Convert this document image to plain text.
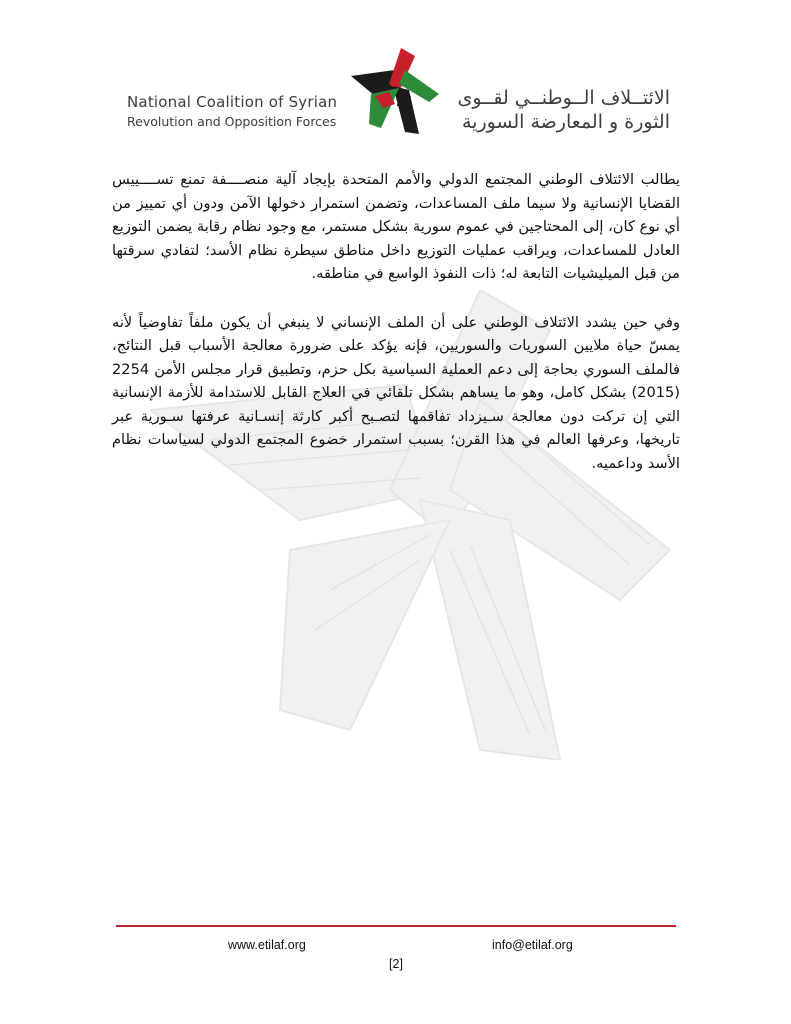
National Coalition of Syrian
Revolution and Opposition Forces
الائتــلاف الــوطنــي لقــوى
الثورة و المعارضة السورية

يطالب الائتلاف الوطني المجتمع الدولي والأمم المتحدة بإيجاد آلية منصــــفة تمنع تســــييس القضايا الإنسانية ولا سيما ملف المساعدات، وتضمن استمرار دخولها الآمن ودون أي تمييز من أي نوع كان، إلى المحتاجين في عموم سورية بشكل مستمر، مع وجود نظام رقابة يضمن التوزيع العادل للمساعدات، ويراقب عمليات التوزيع داخل مناطق سيطرة نظام الأسد؛ لتفادي سرقتها من قبل الميليشيات التابعة له؛ ذات النفوذ الواسع في مناطقه.

وفي حين يشدد الائتلاف الوطني على أن الملف الإنساني لا ينبغي أن يكون ملفاً تفاوضياً لأنه يمسّ حياة ملايين السوريات والسوريين، فإنه يؤكد على ضرورة معالجة الأسباب قبل النتائج، فالملف السوري بحاجة إلى دعم العملية السياسية بكل حزم، وتطبيق قرار مجلس الأمن 2254 (2015) بشكل كامل، وهو ما يساهم بشكل تلقائي في العلاج القابل للاستدامة للأزمة الإنسانية التي إن تركت دون معالجة سـيزداد تفاقمها لتصـبح أكبر كارثة إنسـانية عرفتها سـورية عبر تاريخها، وعرفها العالم في هذا القرن؛ بسبب استمرار خضوع المجتمع الدولي لسياسات نظام الأسد وداعميه.

www.etilaf.org	info@etilaf.org
[2]
